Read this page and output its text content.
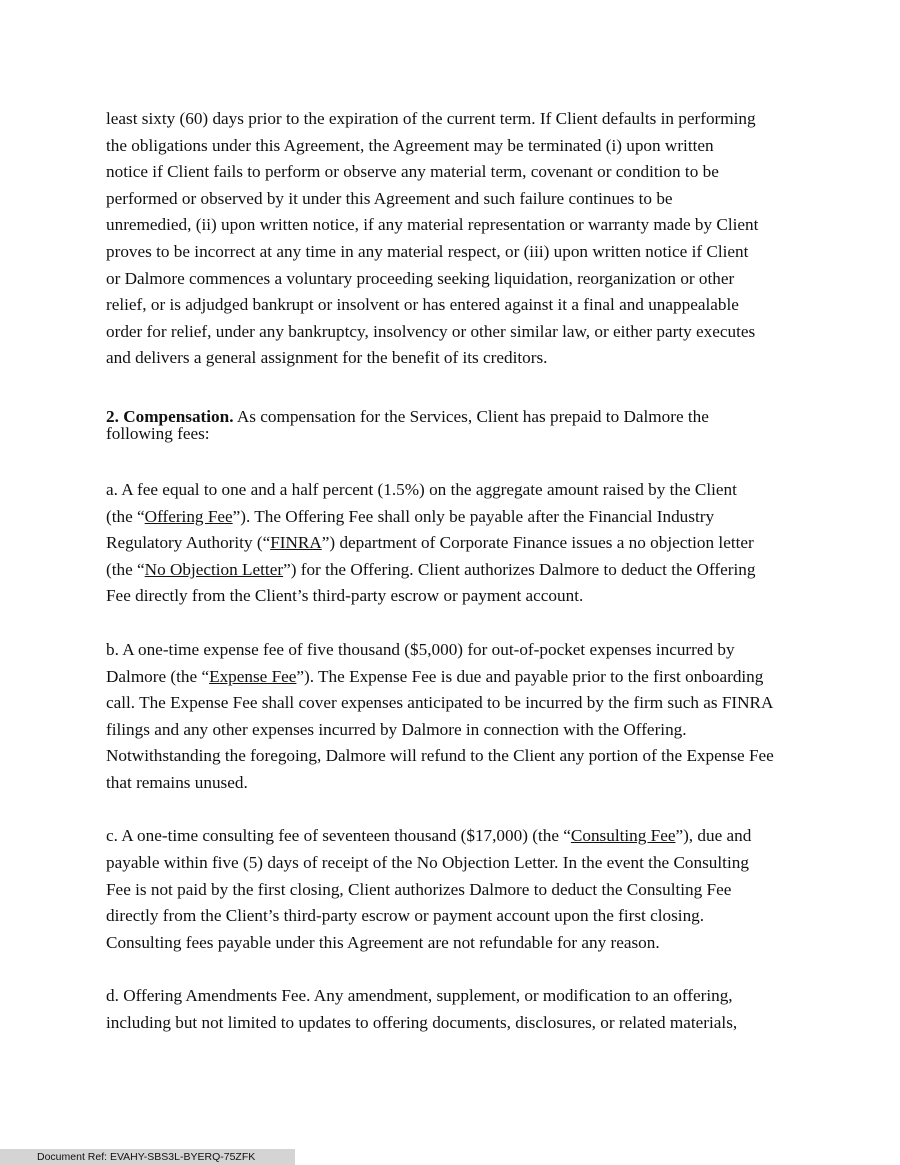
least sixty (60) days prior to the expiration of the current term. If Client defaults in performing
the obligations under this Agreement, the Agreement may be terminated (i) upon written
notice if Client fails to perform or observe any material term, covenant or condition to be
performed or observed by it under this Agreement and such failure continues to be
unremedied, (ii) upon written notice, if any material representation or warranty made by Client
proves to be incorrect at any time in any material respect, or (iii) upon written notice if Client
or Dalmore commences a voluntary proceeding seeking liquidation, reorganization or other
relief, or is adjudged bankrupt or insolvent or has entered against it a final and unappealable
order for relief, under any bankruptcy, insolvency or other similar law, or either party executes
and delivers a general assignment for the benefit of its creditors.

2. Compensation. As compensation for the Services, Client has prepaid to Dalmore the
following fees:

a. A fee equal to one and a half percent (1.5%) on the aggregate amount raised by the Client
(the “Offering Fee”). The Offering Fee shall only be payable after the Financial Industry
Regulatory Authority (“FINRA”) department of Corporate Finance issues a no objection letter
(the “No Objection Letter”) for the Offering. Client authorizes Dalmore to deduct the Offering
Fee directly from the Client’s third-party escrow or payment account.

b. A one-time expense fee of five thousand ($5,000) for out-of-pocket expenses incurred by
Dalmore (the “Expense Fee”). The Expense Fee is due and payable prior to the first onboarding
call. The Expense Fee shall cover expenses anticipated to be incurred by the firm such as FINRA
filings and any other expenses incurred by Dalmore in connection with the Offering.
Notwithstanding the foregoing, Dalmore will refund to the Client any portion of the Expense Fee
that remains unused.

c. A one-time consulting fee of seventeen thousand ($17,000) (the “Consulting Fee”), due and
payable within five (5) days of receipt of the No Objection Letter. In the event the Consulting
Fee is not paid by the first closing, Client authorizes Dalmore to deduct the Consulting Fee
directly from the Client’s third-party escrow or payment account upon the first closing.
Consulting fees payable under this Agreement are not refundable for any reason.

d. Offering Amendments Fee. Any amendment, supplement, or modification to an offering,
including but not limited to updates to offering documents, disclosures, or related materials,

Document Ref: EVAHY-SBS3L-BYERQ-75ZFK
